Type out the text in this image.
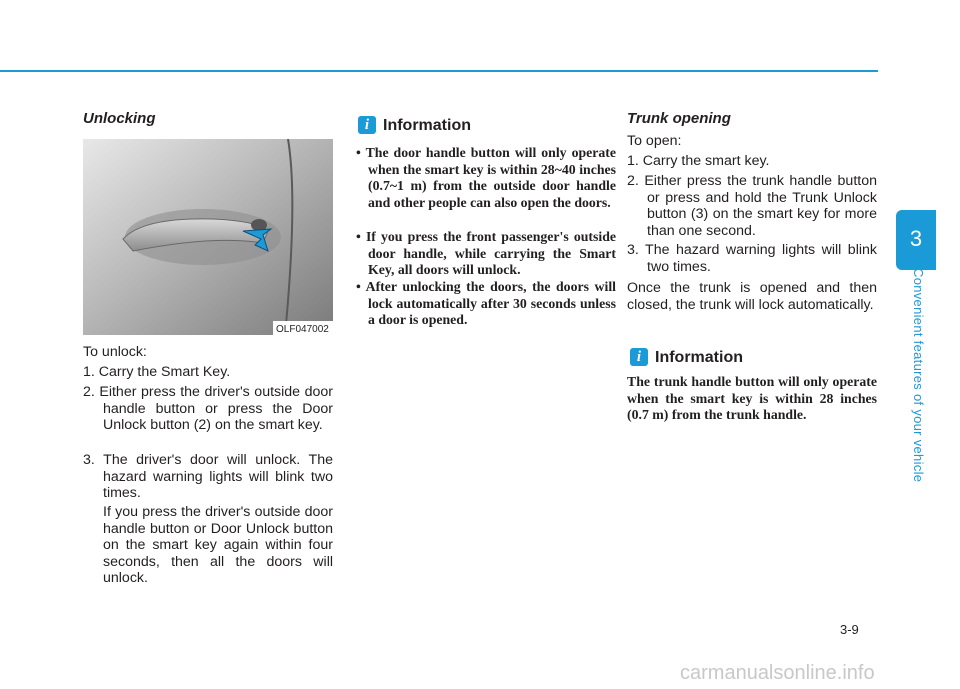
Unlocking
OLF047002
To unlock:
1. Carry the Smart Key.
2. Either press the driver's outside door handle button or press the Door Unlock button (2) on the smart key.
3. The driver's door will unlock. The hazard warning lights will blink two times.
If you press the driver's outside door handle button or Door Unlock button on the smart key again within four seconds, then all the doors will unlock.
i Information
• The door handle button will only operate when the smart key is within 28~40 inches (0.7~1 m) from the outside door handle and other people can also open the doors.
• If you press the front passenger's outside door handle, while carrying the Smart Key, all doors will unlock.
• After unlocking the doors, the doors will lock automatically after 30 seconds unless a door is opened.
Trunk opening
To open:
1. Carry the smart key.
2. Either press the trunk handle button or press and hold the Trunk Unlock button (3) on the smart key for more than one second.
3. The hazard warning lights will blink two times.
Once the trunk is opened and then closed, the trunk will lock automatically.
i Information
The trunk handle button will only operate when the smart key is within 28 inches (0.7 m) from the trunk handle.
3
Convenient features of your vehicle
3-9
carmanualsonline.info
